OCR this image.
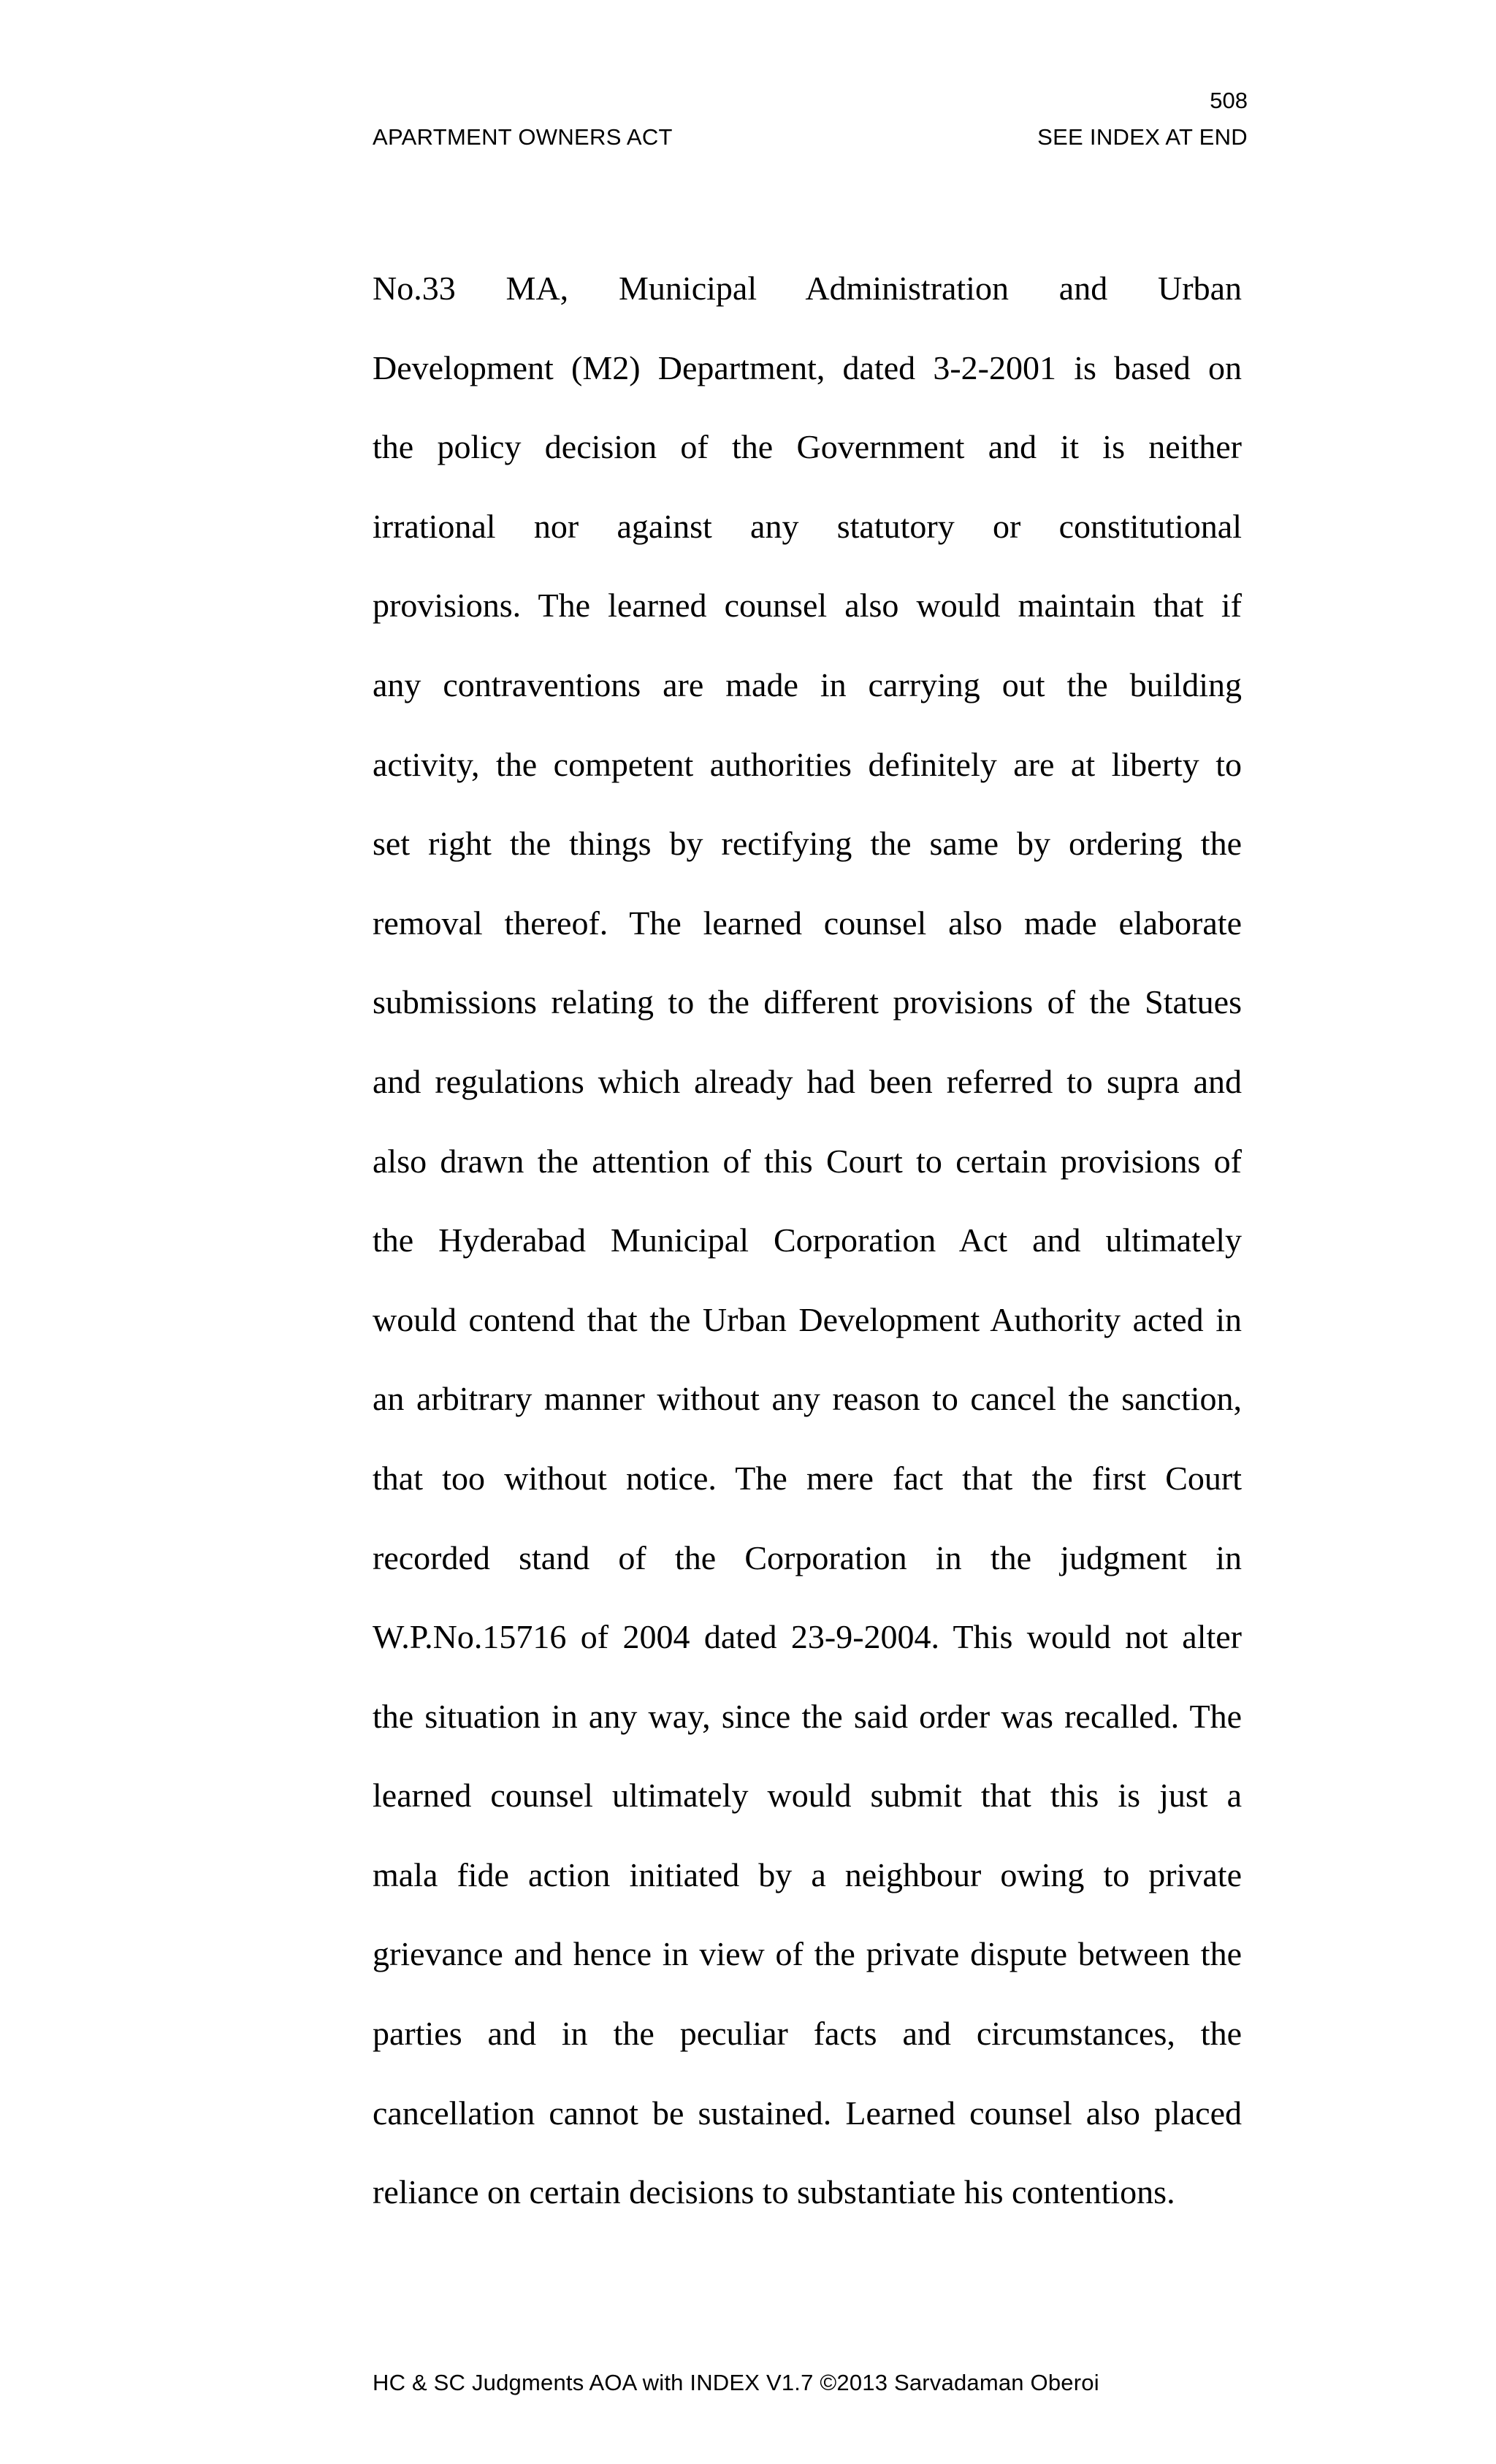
508
APARTMENT OWNERS ACT	SEE INDEX AT END
No.33 MA, Municipal Administration and Urban
Development (M2) Department, dated 3-2-2001 is based on
the policy decision of the Government and it is neither
irrational nor against any statutory or constitutional
provisions. The learned counsel also would maintain that if
any contraventions are made in carrying out the building
activity, the competent authorities definitely are at liberty to
set right the things by rectifying the same by ordering the
removal thereof. The learned counsel also made elaborate
submissions relating to the different provisions of the Statues
and regulations which already had been referred to supra and
also drawn the attention of this Court to certain provisions of
the Hyderabad Municipal Corporation Act and ultimately
would contend that the Urban Development Authority acted in
an arbitrary manner without any reason to cancel the sanction,
that too without notice. The mere fact that the first Court
recorded stand of the Corporation in the judgment in
W.P.No.15716 of 2004 dated 23-9-2004. This would not alter
the situation in any way, since the said order was recalled. The
learned counsel ultimately would submit that this is just a
mala fide action initiated by a neighbour owing to private
grievance and hence in view of the private dispute between the
parties and in the peculiar facts and circumstances, the
cancellation cannot be sustained. Learned counsel also placed
reliance on certain decisions to substantiate his contentions.
HC & SC Judgments AOA with INDEX V1.7 ©2013 Sarvadaman Oberoi
